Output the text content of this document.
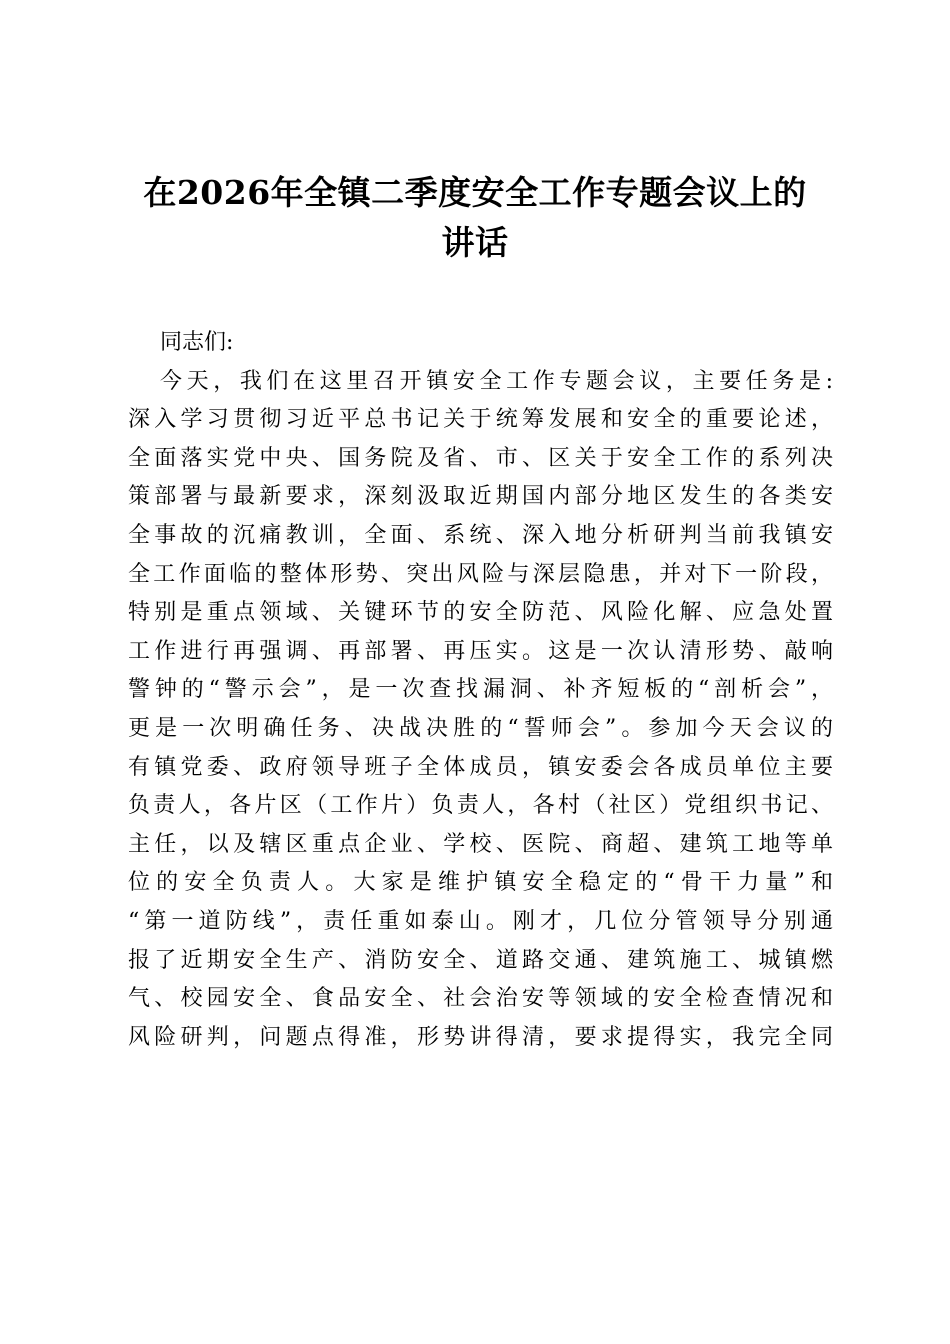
在2026年全镇二季度安全工作专题会议上的
讲话
同志们:
今天，我们在这里召开镇安全工作专题会议，主要任务是:
深入学习贯彻习近平总书记关于统筹发展和安全的重要论述，
全面落实党中央、国务院及省、市、区关于安全工作的系列决
策部署与最新要求，深刻汲取近期国内部分地区发生的各类安
全事故的沉痛教训，全面、系统、深入地分析研判当前我镇安
全工作面临的整体形势、突出风险与深层隐患，并对下一阶段，
特别是重点领域、关键环节的安全防范、风险化解、应急处置
工作进行再强调、再部署、再压实。这是一次认清形势、敲响
警钟的“警示会”，是一次查找漏洞、补齐短板的“剖析会”，
更是一次明确任务、决战决胜的“誓师会”。参加今天会议的
有镇党委、政府领导班子全体成员，镇安委会各成员单位主要
负责人，各片区（工作片）负责人，各村（社区）党组织书记、
主任，以及辖区重点企业、学校、医院、商超、建筑工地等单
位的安全负责人。大家是维护镇安全稳定的“骨干力量”和
“第一道防线”，责任重如泰山。刚才，几位分管领导分别通
报了近期安全生产、消防安全、道路交通、建筑施工、城镇燃
气、校园安全、食品安全、社会治安等领域的安全检查情况和
风险研判，问题点得准，形势讲得清，要求提得实，我完全同
